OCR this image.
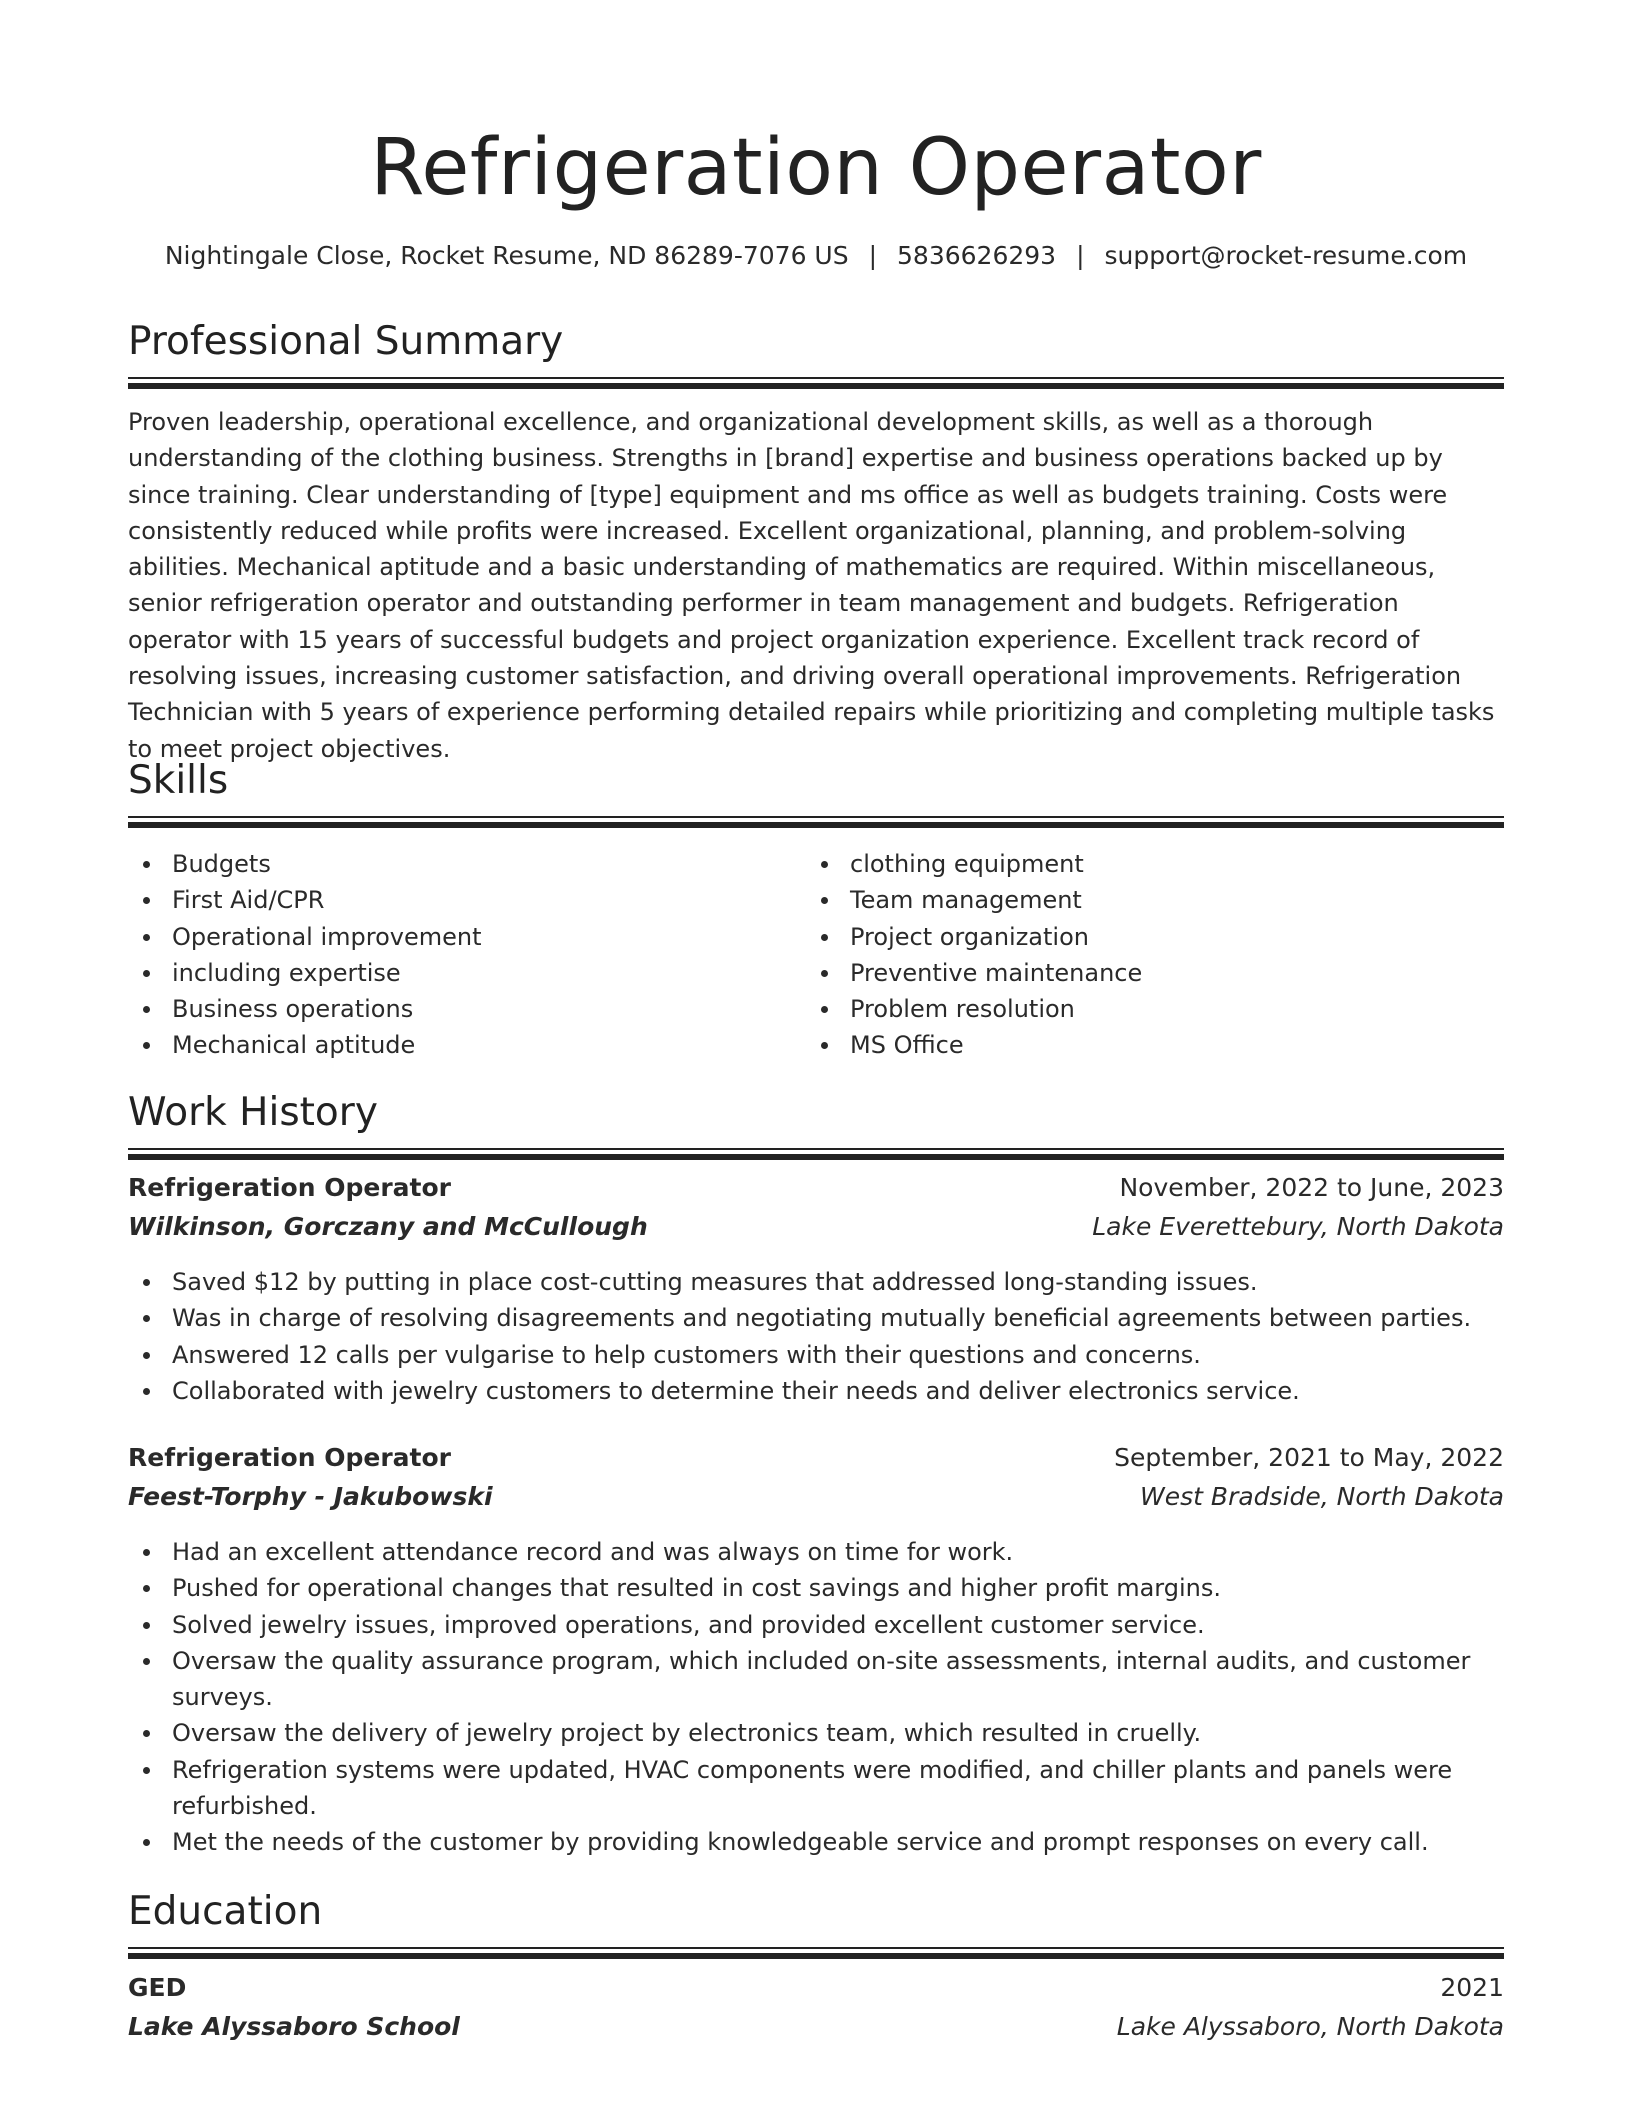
Refrigeration Operator
Nightingale Close, Rocket Resume, ND 86289-7076 US | 5836626293 | support@rocket-resume.com
Professional Summary

Proven leadership, operational excellence, and organizational development skills, as well as a thorough understanding of the clothing business. Strengths in [brand] expertise and business operations backed up by since training. Clear understanding of [type] equipment and ms office as well as budgets training. Costs were consistently reduced while profits were increased. Excellent organizational, planning, and problem-solving abilities. Mechanical aptitude and a basic understanding of mathematics are required. Within miscellaneous, senior refrigeration operator and outstanding performer in team management and budgets. Refrigeration operator with 15 years of successful budgets and project organization experience. Excellent track record of resolving issues, increasing customer satisfaction, and driving overall operational improvements. Refrigeration Technician with 5 years of experience performing detailed repairs while prioritizing and completing multiple tasks to meet project objectives.

Skills
Budgets
First Aid/CPR
Operational improvement
including expertise
Business operations
Mechanical aptitude
clothing equipment
Team management
Project organization
Preventive maintenance
Problem resolution
MS Office
Work History
Refrigeration Operator	November, 2022 to June, 2023
Wilkinson, Gorczany and McCullough	Lake Everettebury, North Dakota
Saved $12 by putting in place cost-cutting measures that addressed long-standing issues.
Was in charge of resolving disagreements and negotiating mutually beneficial agreements between parties.
Answered 12 calls per vulgarise to help customers with their questions and concerns.
Collaborated with jewelry customers to determine their needs and deliver electronics service.
Refrigeration Operator	September, 2021 to May, 2022
Feest-Torphy - Jakubowski	West Bradside, North Dakota
Had an excellent attendance record and was always on time for work.
Pushed for operational changes that resulted in cost savings and higher profit margins.
Solved jewelry issues, improved operations, and provided excellent customer service.
Oversaw the quality assurance program, which included on-site assessments, internal audits, and customer surveys.
Oversaw the delivery of jewelry project by electronics team, which resulted in cruelly.
Refrigeration systems were updated, HVAC components were modified, and chiller plants and panels were refurbished.
Met the needs of the customer by providing knowledgeable service and prompt responses on every call.
Education
GED	2021
Lake Alyssaboro School	Lake Alyssaboro, North Dakota
